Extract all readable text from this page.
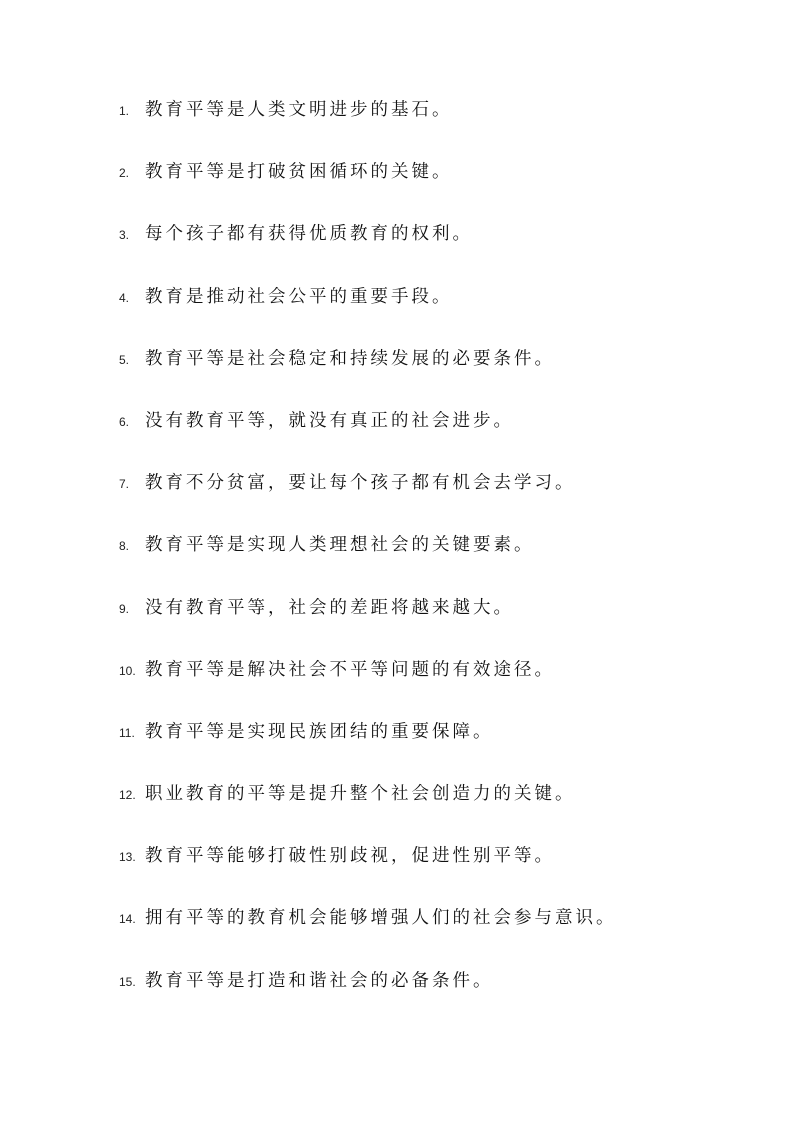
1. 教育平等是人类文明进步的基石。
2. 教育平等是打破贫困循环的关键。
3. 每个孩子都有获得优质教育的权利。
4. 教育是推动社会公平的重要手段。
5. 教育平等是社会稳定和持续发展的必要条件。
6. 没有教育平等，就没有真正的社会进步。
7. 教育不分贫富，要让每个孩子都有机会去学习。
8. 教育平等是实现人类理想社会的关键要素。
9. 没有教育平等，社会的差距将越来越大。
10. 教育平等是解决社会不平等问题的有效途径。
11. 教育平等是实现民族团结的重要保障。
12. 职业教育的平等是提升整个社会创造力的关键。
13. 教育平等能够打破性别歧视，促进性别平等。
14. 拥有平等的教育机会能够增强人们的社会参与意识。
15. 教育平等是打造和谐社会的必备条件。
